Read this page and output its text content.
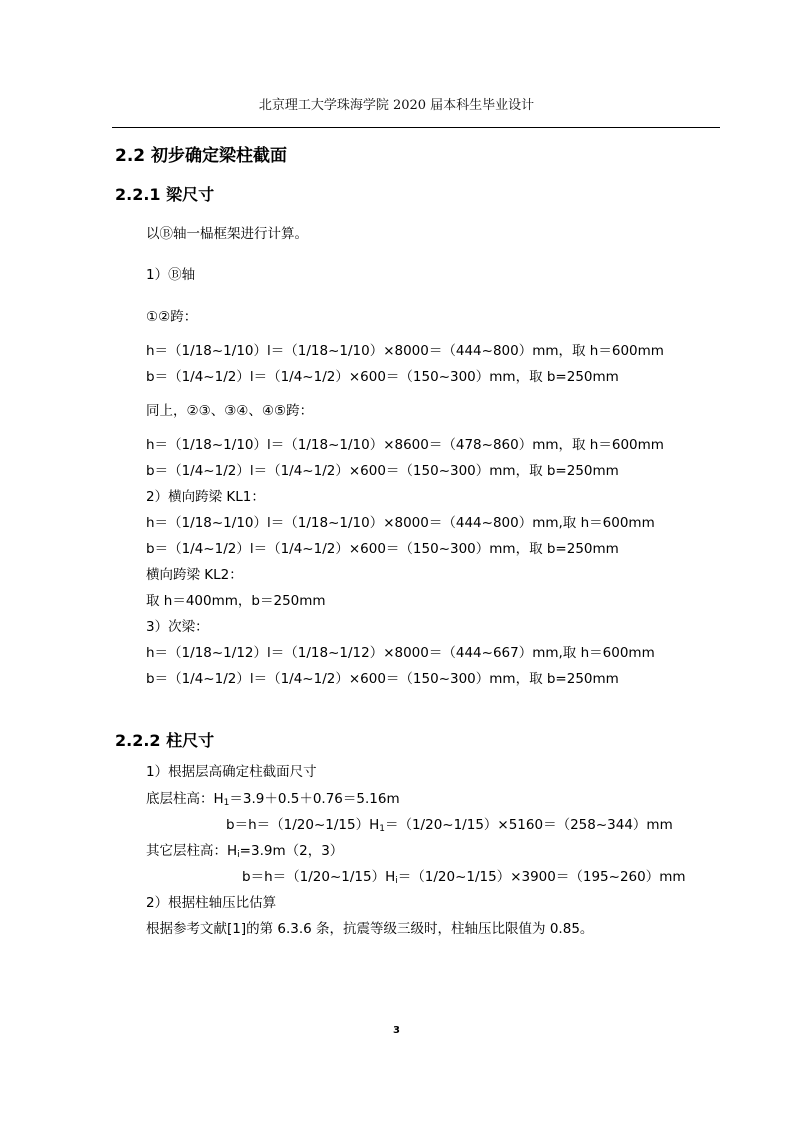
北京理工大学珠海学院 2020 届本科生毕业设计
2.2 初步确定梁柱截面
2.2.1 梁尺寸
以Ⓑ轴一榀框架进行计算。
1）Ⓑ轴
①②跨：
h＝（1/18~1/10）l＝（1/18~1/10）×8000＝（444~800）mm，取 h＝600mm
b＝（1/4~1/2）l＝（1/4~1/2）×600＝（150~300）mm，取 b=250mm
同上，②③、③④、④⑤跨：
h＝（1/18~1/10）l＝（1/18~1/10）×8600＝（478~860）mm，取 h＝600mm
b＝（1/4~1/2）l＝（1/4~1/2）×600＝（150~300）mm，取 b=250mm
2）横向跨梁 KL1：
h＝（1/18~1/10）l＝（1/18~1/10）×8000＝（444~800）mm,取 h＝600mm
b＝（1/4~1/2）l＝（1/4~1/2）×600＝（150~300）mm，取 b=250mm
横向跨梁 KL2：
取 h＝400mm，b＝250mm
3）次梁：
h＝（1/18~1/12）l＝（1/18~1/12）×8000＝（444~667）mm,取 h＝600mm
b＝（1/4~1/2）l＝（1/4~1/2）×600＝（150~300）mm，取 b=250mm
2.2.2 柱尺寸
1）根据层高确定柱截面尺寸
底层柱高：$H_1=3.9+0.5+0.76=5.16m$
$b=h=(1/20\sim 1/15)H_1=(1/20\sim 1/15)\times 5160=(258\sim 344)mm$
其它层柱高：$H_i=3.9m(2$，3）
$b=h=(1/20\sim 1/15)H_i=(1/20\sim 1/15)\times 3900=(195\sim 260)mm$
2）根据柱轴压比估算
根据参考文献[1]的第 6.3.6 条，抗震等级三级时，柱轴压比限值为 0.85。
3
